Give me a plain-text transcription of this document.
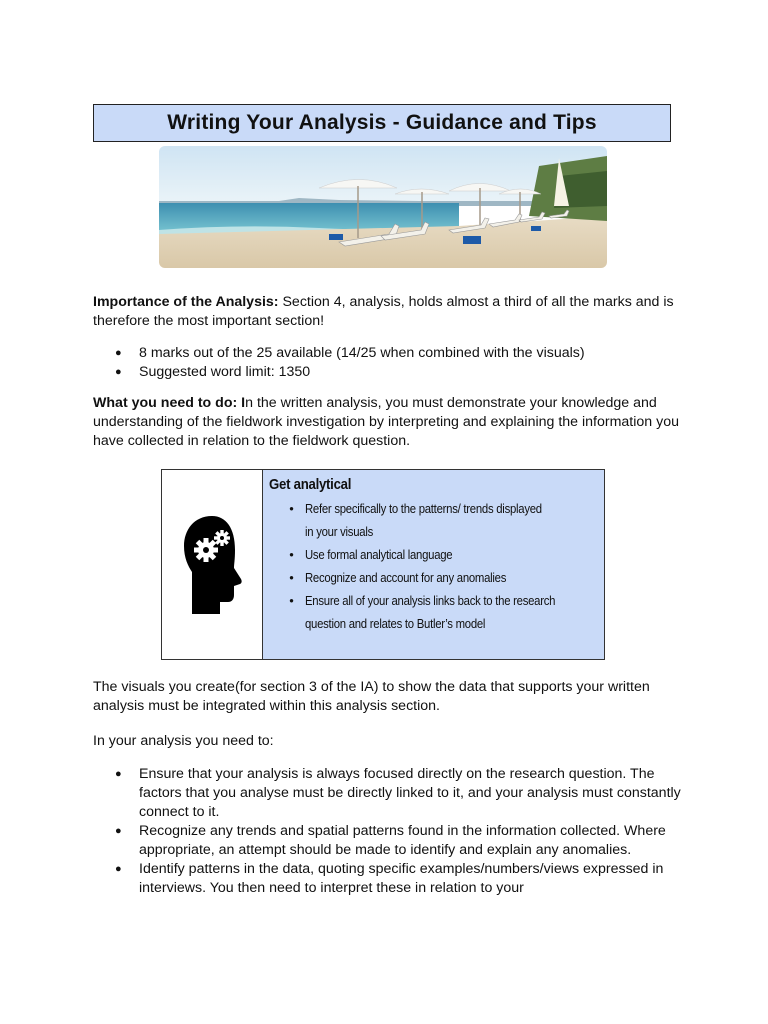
Writing Your Analysis - Guidance and Tips

Importance of the Analysis: Section 4, analysis, holds almost a third of all the marks and is therefore the most important section!

● 8 marks out of the 25 available (14/25 when combined with the visuals)
● Suggested word limit: 1350

What you need to do: In the written analysis, you must demonstrate your knowledge and understanding of the fieldwork investigation by interpreting and explaining the information you have collected in relation to the fieldwork question.

Get analytical
● Refer specifically to the patterns/ trends displayed
in your visuals
● Use formal analytical language
● Recognize and account for any anomalies
● Ensure all of your analysis links back to the research
question and relates to Butler’s model

The visuals you create(for section 3 of the IA) to show the data that supports your written analysis must be integrated within this analysis section.

In your analysis you need to:

● Ensure that your analysis is always focused directly on the research question. The factors that you analyse must be directly linked to it, and your analysis must constantly connect to it.
● Recognize any trends and spatial patterns found in the information collected. Where appropriate, an attempt should be made to identify and explain any anomalies.
● Identify patterns in the data, quoting specific examples/numbers/views expressed in interviews. You then need to interpret these in relation to your
